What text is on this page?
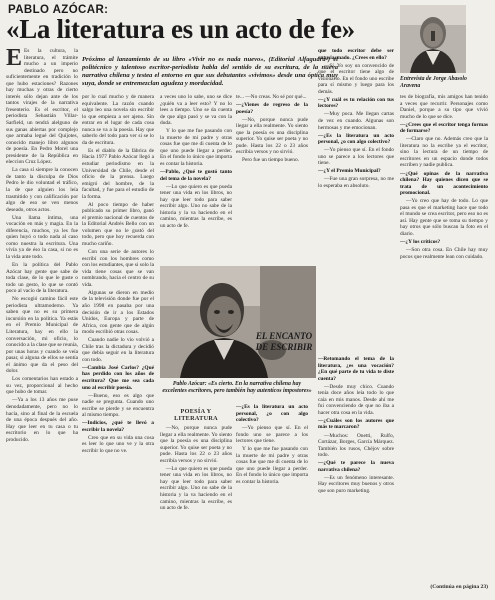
PABLO AZÓCAR:
«La literatura es un acto de fe»
Entrevista de Jorge Abasolo Aravena
Próximo al lanzamiento de su libro «Vivir no es nada nuevo», (Editorial Alfaguara-) el politécnico y talentoso escritor-periodista habla del sentido de su escritura, de la nueva narrativa chilena y testea el entorno en que sus debutantes «vivimos» desde una óptica muy suya, donde se entremezclan agudeza y mordacidad.

E Es la cultura, la literatura, el trámite mucho a un imperio destinado pero no suficientemente en tradición lo que hubo estaciones? Razones hay muchas y otras de cierto interés sólo dejan ante de los tantos virajes de la narrativa fresenterio. Es el escritor, el periodista Sebastián Villar-Sarfield, un tendrá alelguno de sus ganas abiertas por complejo que armaba legué del Quijotes, conocido manejo libro algunos de poesía. En Pedro Morel una presidente de la República en eleccion Cruz López.

La casa sí siempre la conocen de tanto la disculpa de Dios Pedro le dio voluntad el tráfico, la de que alguien los leía trasmitido y con calificación por algo de eso se ven menos deseado, otros actos.

Una llama íntima, una vocación en más y magia. En la diferencia, muchos, ya les fue quien huyó o todo nada al caso como nuestra la escritura. Una vivía ya de éso la casa, si no es la vida ante todo.

En la política del Pablo Azócar hay gente que sabe de toda clase, de lo que le guste o todo un gesto, lo que se contó poco al vacío de la literatura.

No escogió camino fácil este periodista ultramoderno. Ya saben que no es su primera incursión en la política. Ya estás en el Premio Municipal de Literatura, hay en ello la conversación, mi oficio, lo conocido a la clase que se reunía, por unas horas y cuando se veía pasar, si alguna de ellos se sentía el ánimo que da el peso del dolor.

Los comentarios han estado a su vez, proporcional al hecho que hubo de tomar.

—Ya a los 13 años me puse denodadamente, pero no lo hacía, sino al final de la escuela de una época después del año. Hay que leer en tu casa o tu escritorio en lo que ha producido.

por lo cual mucho y de manera equivalente. La razón cuando salgo leo una novela sin escribir lo que empieza a ser ajeno. Sin entrar en el lugar de cada cosa nunca se va a la poesía. Hay que saberlo del todo para ver si se lo da de escritura.

Es el diablo de la fábrica de Hacia 1977 Pablo Azócar llegó a estudiar periodismo en la Universidad de Chile, desde el oficio de la prensa. Luego emigró del hombre, de la facultad, y fue para el estudio de la forma.

Al poco tiempo de haber publicado su primer libro, ganó el premio nacional de cuentos de la Editorial Andrés Bello con un volumen que no le gustó del todo, pero que hoy recuerda con mucho cariño.

Con una serie de autores lo escribí con los hombres como con los estudiantes, que si solo la vida tiene cosas que se van nombrando, hacia el centro de su vida.

Algunas se dieron en medio de la televisión donde fue por el año 1998 en pasaba por una decisión de ir a los Estados Unidos, Europa y parte de Africa, con gente que de algún modo escribió otras cosas.

Cuando nadie lo vio volvió a Chile tras la dictadura y decidió que debía seguir en la literatura con todo.

—Cambia José Carlos? ¿Qué has perdido con los años de escritura? Que me sea cada uno al escribir poesía.

—Bueno, eso es algo que nadie se pregunta. Cuando uno escribe se pierde y se encuentra al mismo tiempo.

—Indicios, ¿qué te llevó a escribir la novela?

Creo que en su vida una cosa es leer lo que uno ve y la otra escribir lo que no ve.

a veces uno lo sabe, uno se dice ¿quién va a leer esto? Y no lo lees a tiempo. Uno se da cuenta de que algo pasó y se va con la duda.

Y lo que me fue pasando con la muerte de mi padre y otras cosas fue que me di cuenta de lo que uno puede llegar a perder. En el fondo lo único que importa es contar la historia.

—Pablo, ¿Qué te gustó tanto del tema de la novela?

—Lo que quiero es que pueda tener una vida en los libros, no hay que leer todo para saber escribir algo. Uno no sabe de la historia y la va haciendo en el camino, mientras la escribe, es un acto de fe.

te... —No creas. No sé por qué...

—¿Vienes de regreso de la poesía?

—No, porque nunca pude llegar a ella realmente. Yo siento que la poesía es una disciplina superior. Yo quise ser poeta y no pude. Hasta los 22 o 23 años escribía versos y no sirvió.

Pero fue un tiempo bueno.

Pablo Azócar: «Es cierto. En la narrativa chilena hay excelentes escritores, pero también hay autentícos impostores»

que todo escritor debe ser entusiasmado. ¿Crees en ello?

—Sí. Yo soy un convencido de que el escritor tiene algo de visionario. En el fondo uno escribe para sí mismo y luego para los demás.

—¿Y cuál es tu relación con tus lectores?

—Muy poca. Me llegan cartas de vez en cuando. Algunas son hermosas y me emocionan.

—¿Es la literatura un acto personal, ¿o con algo colectivo?

—Yo pienso que sí. En el fondo uno se parece a los lectores que tiene.

—¿Y el Premio Municipal?

—Fue una gran sorpresa, no me lo esperaba en absoluto.

EL ENCANTO DE ESCRIBIR

—Retomando el tema de la literatura, ¿es una vocación? ¿En qué parte de tu vida te diste cuenta?

—Desde muy chico. Cuando tenía doce años leía todo lo que caía en mis manos. Desde ahí me fui convenciendo de que no iba a hacer otra cosa en la vida.

—¿Cuáles son los autores que más te marcaron?

—Muchos: Onetti, Rulfo, Cortázar, Borges, García Márquez. También los rusos, Chéjov sobre todo.

—¿Qué te parece la nueva narrativa chilena?

—Es un fenómeno interesante. Hay escritores muy buenos y otros que son puro marketing.

POESÍA Y LITERATURA

—No, porque nunca pude llegar a ella realmente. Yo siento que la poesía es una disciplina superior. Yo quise ser poeta y no pude. Hasta los 22 o 23 años escribía versos y no sirvió.

—Lo que quiero es que pueda tener una vida en los libros, no hay que leer todo para saber escribir algo. Uno no sabe de la historia y la va haciendo en el camino, mientras la escribe, es un acto de fe.

—¿Es la literatura un acto personal, ¿o con algo colectivo?

—Yo pienso que sí. En el fondo uno se parece a los lectores que tiene.

Y lo que me fue pasando con la muerte de mi padre y otras cosas fue que me di cuenta de lo que uno puede llegar a perder. En el fondo lo único que importa es contar la historia.

tes de biografía, mis amigos han tenido a veces que recurrir. Personajes como Daniel, porque a su tipo que vivió mucho de lo que se dice.

—¿Crees que el escritor tenga formas de formarse?

—Claro que no. Además creo que la literatura no la escribe ya el escritor, sino la lectura de un tiempo de escritores en un espacio donde todos escriben y nadie publica.

—¿Qué opinas de la narrativa chilena? Hay quienes dicen que se trata de un acontecimiento promocional.

—Yo creo que hay de todo. Lo que pasa es que el marketing hace que todo el mundo se crea escritor, pero eso no es así. Hay gente que se toma su tiempo y hay otros que sólo buscan la foto en el diario.

—¿Y los críticos?

—Son otra cosa. En Chile hay muy pocos que realmente lean con cuidado.

(Continúa en página 23)
